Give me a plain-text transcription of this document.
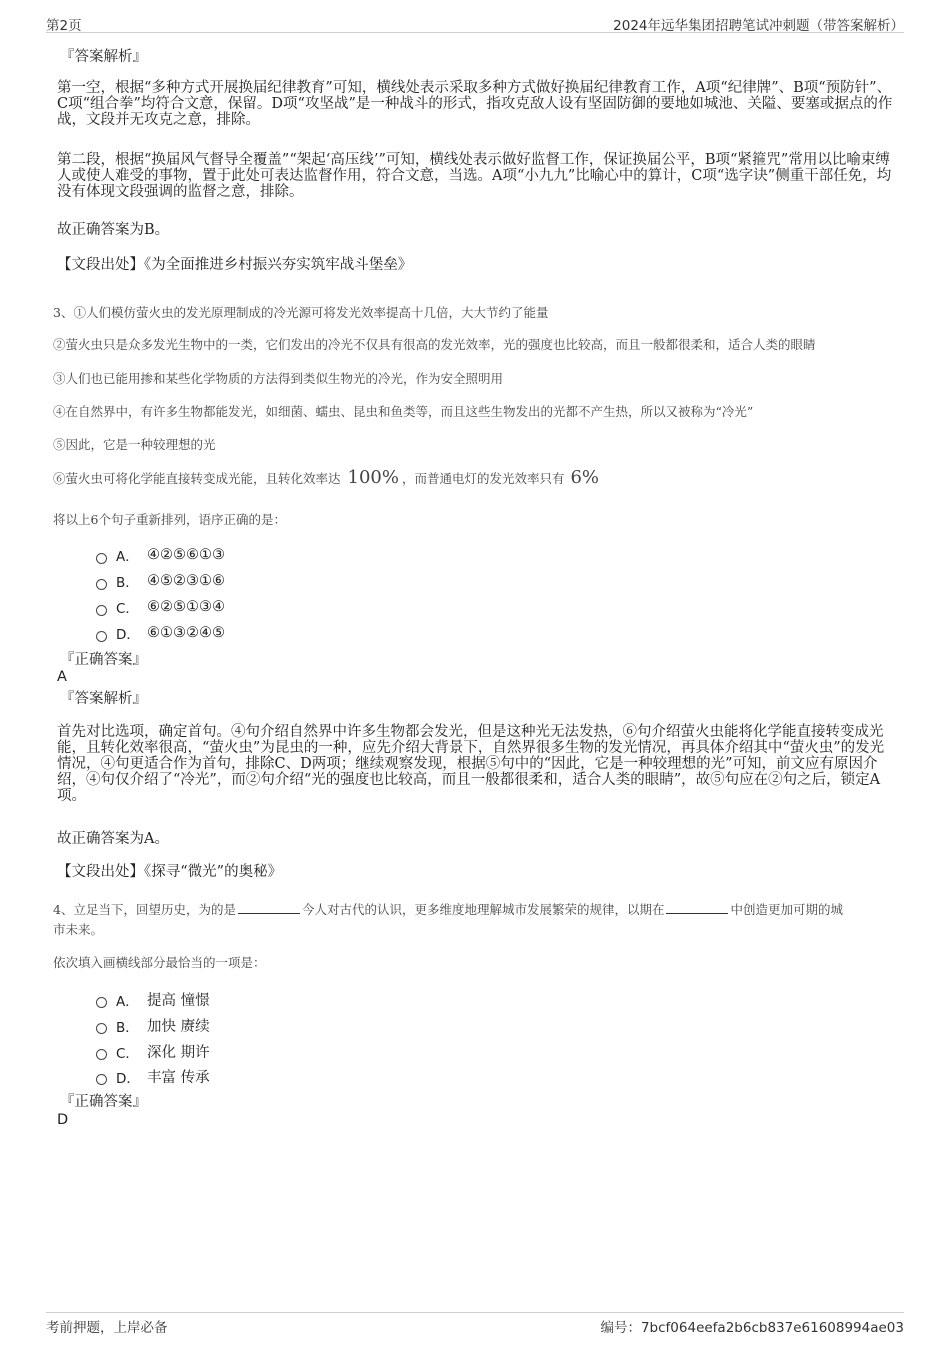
第2页	2024年远华集团招聘笔试冲刺题（带答案解析）
『答案解析』
第一空，根据“多种方式开展换届纪律教育”可知，横线处表示采取多种方式做好换届纪律教育工作，A项“纪律牌”、B项“预防针”、C项“组合拳”均符合文意，保留。D项“攻坚战”是一种战斗的形式，指攻克敌人设有坚固防御的要地如城池、关隘、要塞或据点的作战，文段并无攻克之意，排除。
第二段，根据“换届风气督导全覆盖”“架起‘高压线’”可知，横线处表示做好监督工作，保证换届公平，B项“紧箍咒”常用以比喻束缚人或使人难受的事物，置于此处可表达监督作用，符合文意，当选。A项“小九九”比喻心中的算计，C项“选字诀”侧重干部任免，均没有体现文段强调的监督之意，排除。
故正确答案为B。
【文段出处】《为全面推进乡村振兴夯实筑牢战斗堡垒》
3、①人们模仿萤火虫的发光原理制成的冷光源可将发光效率提高十几倍，大大节约了能量
②萤火虫只是众多发光生物中的一类，它们发出的冷光不仅具有很高的发光效率，光的强度也比较高，而且一般都很柔和，适合人类的眼睛
③人们也已能用掺和某些化学物质的方法得到类似生物光的冷光，作为安全照明用
④在自然界中，有许多生物都能发光，如细菌、蠕虫、昆虫和鱼类等，而且这些生物发出的光都不产生热，所以又被称为“冷光”
⑤因此，它是一种较理想的光
⑥萤火虫可将化学能直接转变成光能，且转化效率达 100% ，而普通电灯的发光效率只有 6%
将以上6个句子重新排列，语序正确的是：
A． ④②⑤⑥①③
B． ④⑤②③①⑥
C． ⑥②⑤①③④
D． ⑥①③②④⑤
『正确答案』
A
『答案解析』
首先对比选项，确定首句。④句介绍自然界中许多生物都会发光，但是这种光无法发热，⑥句介绍萤火虫能将化学能直接转变成光能，且转化效率很高，“萤火虫”为昆虫的一种，应先介绍大背景下，自然界很多生物的发光情况，再具体介绍其中“萤火虫”的发光情况，④句更适合作为首句，排除C、D两项；继续观察发现，根据⑤句中的“因此，它是一种较理想的光”可知，前文应有原因介绍，④句仅介绍了“冷光”，而②句介绍“光的强度也比较高，而且一般都很柔和，适合人类的眼睛”，故⑤句应在②句之后，锁定A项。
故正确答案为A。
【文段出处】《探寻“微光”的奥秘》
4、立足当下，回望历史，为的是	今人对古代的认识，更多维度地理解城市发展繁荣的规律，以期在	中创造更加可期的城
市未来。
依次填入画横线部分最恰当的一项是：
A． 提高 憧憬
B． 加快 赓续
C． 深化 期许
D． 丰富 传承
『正确答案』
D
考前押题，上岸必备	编号：7bcf064eefa2b6cb837e61608994ae03
